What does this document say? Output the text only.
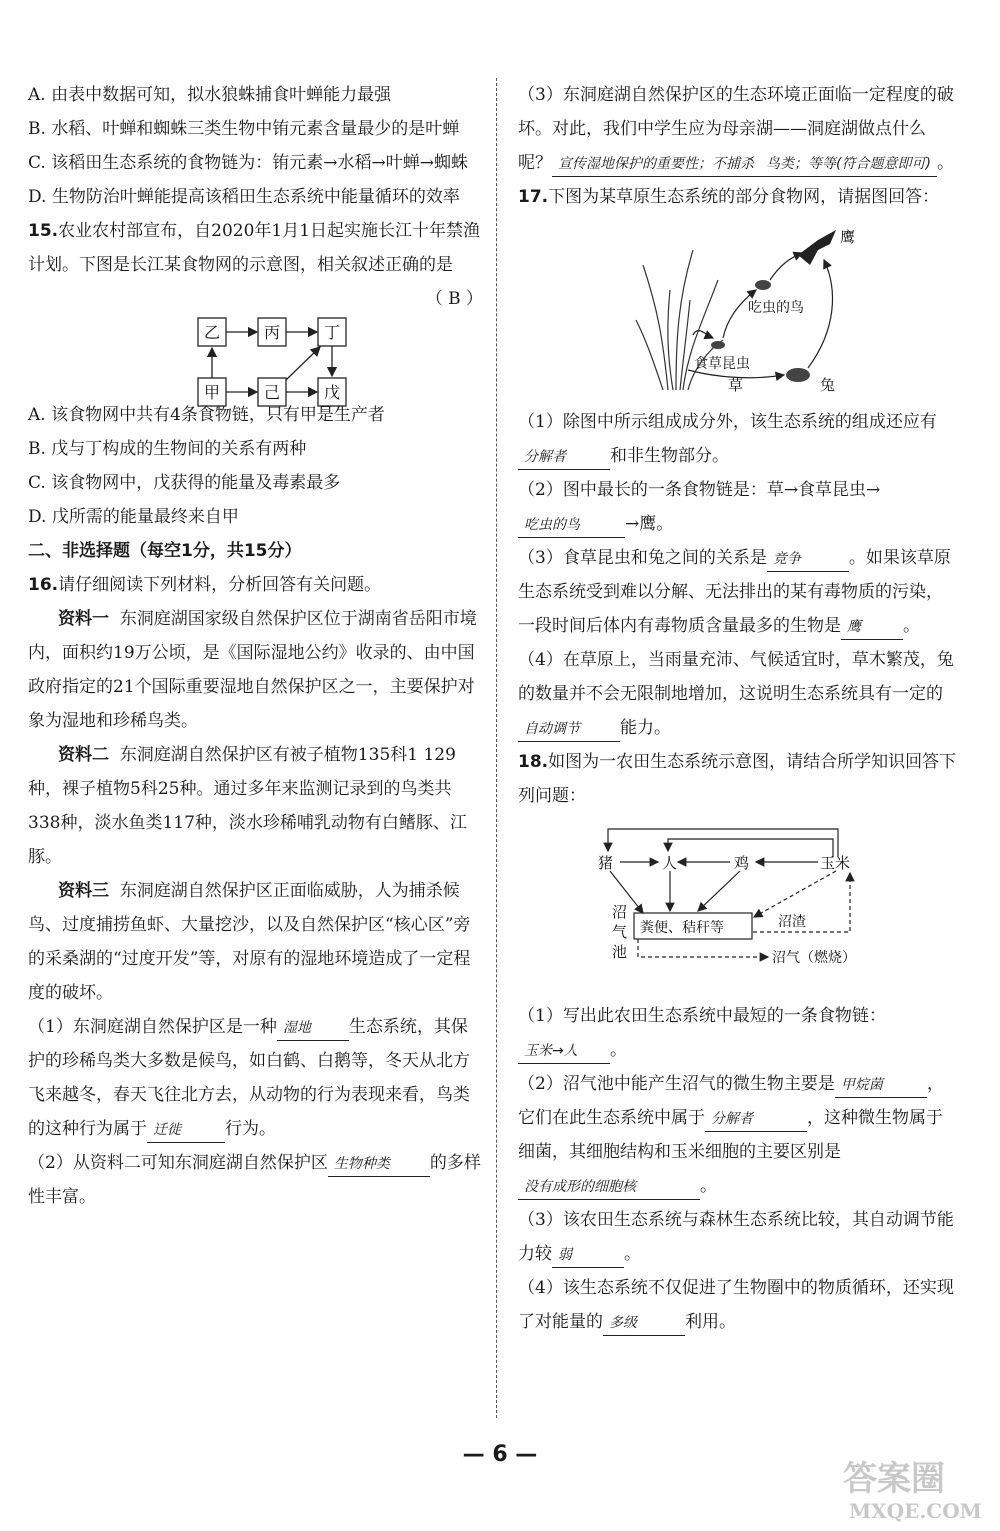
A. 由表中数据可知，拟水狼蛛捕食叶蝉能力最强

B. 水稻、叶蝉和蜘蛛三类生物中铕元素含量最少的是叶蝉

C. 该稻田生态系统的食物链为：铕元素→水稻→叶蝉→蜘蛛

D. 生物防治叶蝉能提高该稻田生态系统中能量循环的效率

15.农业农村部宣布，自2020年1月1日起实施长江十年禁渔计划。下图是长江某食物网的示意图，相关叙述正确的是
（ B ）

乙	丙	丁
甲	己	戊

A. 该食物网中共有4条食物链，只有甲是生产者

B. 戊与丁构成的生物间的关系有两种

C. 该食物网中，戊获得的能量及毒素最多

D. 戊所需的能量最终来自甲

二、非选择题（每空1分，共15分）

16.请仔细阅读下列材料，分析回答有关问题。

资料一 东洞庭湖国家级自然保护区位于湖南省岳阳市境内，面积约19万公顷，是《国际湿地公约》收录的、由中国政府指定的21个国际重要湿地自然保护区之一，主要保护对象为湿地和珍稀鸟类。

资料二 东洞庭湖自然保护区有被子植物135科1 129种，裸子植物5科25种。通过多年来监测记录到的鸟类共338种，淡水鱼类117种，淡水珍稀哺乳动物有白鳍豚、江豚。

资料三 东洞庭湖自然保护区正面临威胁，人为捕杀候鸟、过度捕捞鱼虾、大量挖沙，以及自然保护区“核心区”旁的采桑湖的“过度开发”等，对原有的湿地环境造成了一定程度的破坏。

（1）东洞庭湖自然保护区是一种 湿地 生态系统，其保护的珍稀鸟类大多数是候鸟，如白鹤、白鹅等，冬天从北方飞来越冬，春天飞往北方去，从动物的行为表现来看，鸟类的这种行为属于 迁徙	行为。

（2）从资料二可知东洞庭湖自然保护区 生物种类 的多样性丰富。

（3）东洞庭湖自然保护区的生态环境正面临一定程度的破坏。对此，我们中学生应为母亲湖——洞庭湖做点什么呢？ 宣传湿地保护的重要性；不捕杀 鸟类；等等(符合题意即可) 。

17.下图为某草原生态系统的部分食物网，请据图回答：

鹰
草	兔
吃虫的鸟
食草昆虫

（1）除图中所示组成成分外，该生态系统的组成还应有分解者	和非生物部分。

（2）图中最长的一条食物链是：草→食草昆虫→吃虫的鸟	→鹰。

（3）食草昆虫和兔之间的关系是 竞争	。如果该草原生态系统受到难以分解、无法排出的某有毒物质的污染，一段时间后体内有毒物质含量最多的生物是 鹰 。

（4）在草原上，当雨量充沛、气候适宜时，草木繁茂，兔的数量并不会无限制地增加，这说明生态系统具有一定的自动调节 能力。

18.如图为一农田生态系统示意图，请结合所学知识回答下列问题：

猪	人	鸡	玉米
沼
气
池
粪便、秸秆等	沼渣
沼气（燃烧）

（1）写出此农田生态系统中最短的一条食物链：玉米→人 。

（2）沼气池中能产生沼气的微生物主要是 甲烷菌	，它们在此生态系统中属于 分解者	，这种微生物属于细菌，其细胞结构和玉米细胞的主要区别是没有成形的细胞核	。

（3）该农田生态系统与森林生态系统比较，其自动调节能力较 弱	。

（4）该生态系统不仅促进了生物圈中的物质循环，还实现了对能量的 多级	利用。

— 6 —
答案圈
MXQE.COM
